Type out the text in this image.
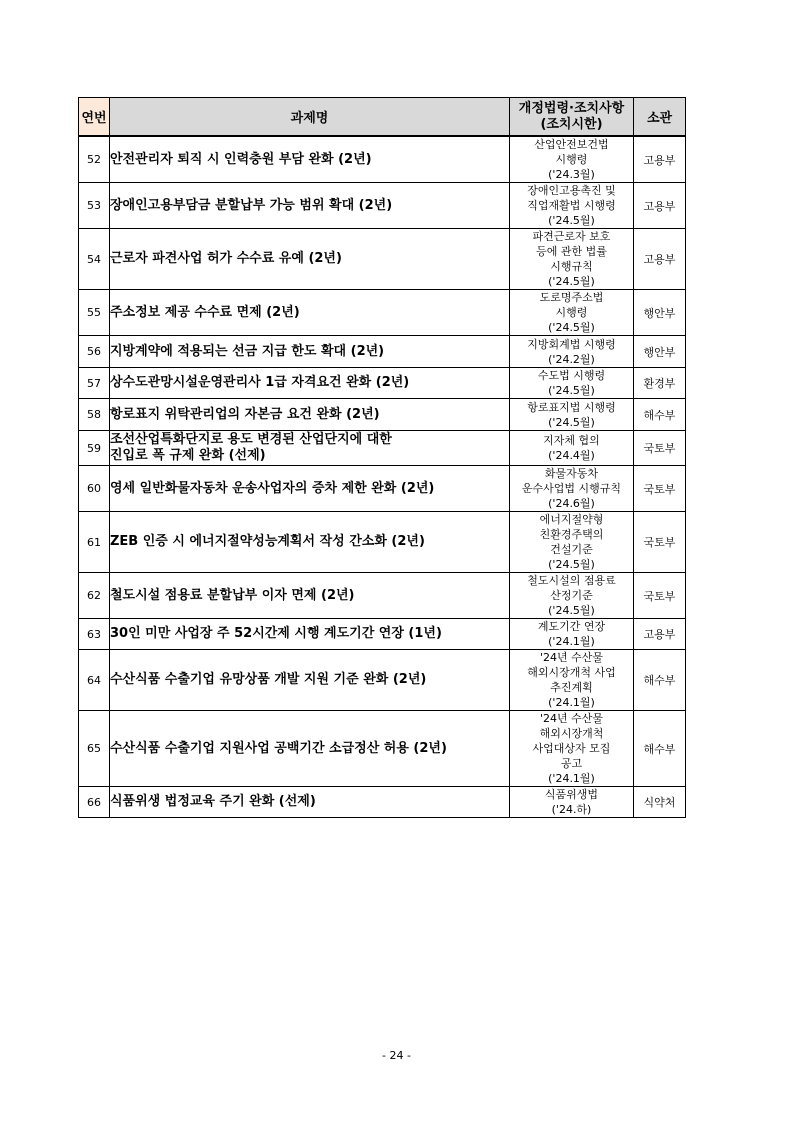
연번	과제명	개정법령·조치사항
(조치시한)	소관
52	안전관리자 퇴직 시 인력충원 부담 완화 (2년)	산업안전보건법
시행령
('24.3월)	고용부
53	장애인고용부담금 분할납부 가능 범위 확대 (2년)	장애인고용촉진 및
직업재활법 시행령
('24.5월)	고용부
54	근로자 파견사업 허가 수수료 유예 (2년)	파견근로자 보호
등에 관한 법률
시행규칙
('24.5월)	고용부
55	주소정보 제공 수수료 면제 (2년)	도로명주소법
시행령
('24.5월)	행안부
56	지방계약에 적용되는 선금 지급 한도 확대 (2년)	지방회계법 시행령
('24.2월)	행안부
57	상수도관망시설운영관리사 1급 자격요건 완화 (2년)	수도법 시행령
('24.5월)	환경부
58	항로표지 위탁관리업의 자본금 요건 완화 (2년)	항로표지법 시행령
('24.5월)	해수부
59	조선산업특화단지로 용도 변경된 산업단지에 대한
진입로 폭 규제 완화 (선제)	지자체 협의
('24.4월)	국토부
60	영세 일반화물자동차 운송사업자의 증차 제한 완화 (2년)	화물자동차
운수사업법 시행규칙
('24.6월)	국토부
61	ZEB 인증 시 에너지절약성능계획서 작성 간소화 (2년)	에너지절약형
친환경주택의
건설기준
('24.5월)	국토부
62	철도시설 점용료 분할납부 이자 면제 (2년)	철도시설의 점용료
산정기준
('24.5월)	국토부
63	30인 미만 사업장 주 52시간제 시행 계도기간 연장 (1년)	계도기간 연장
('24.1월)	고용부
64	수산식품 수출기업 유망상품 개발 지원 기준 완화 (2년)	'24년 수산물
해외시장개척 사업
추진계획
('24.1월)	해수부
65	수산식품 수출기업 지원사업 공백기간 소급정산 허용 (2년)	'24년 수산물
해외시장개척
사업대상자 모집
공고
('24.1월)	해수부
66	식품위생 법정교육 주기 완화 (선제)	식품위생법
('24.하)	식약처
- 24 -
